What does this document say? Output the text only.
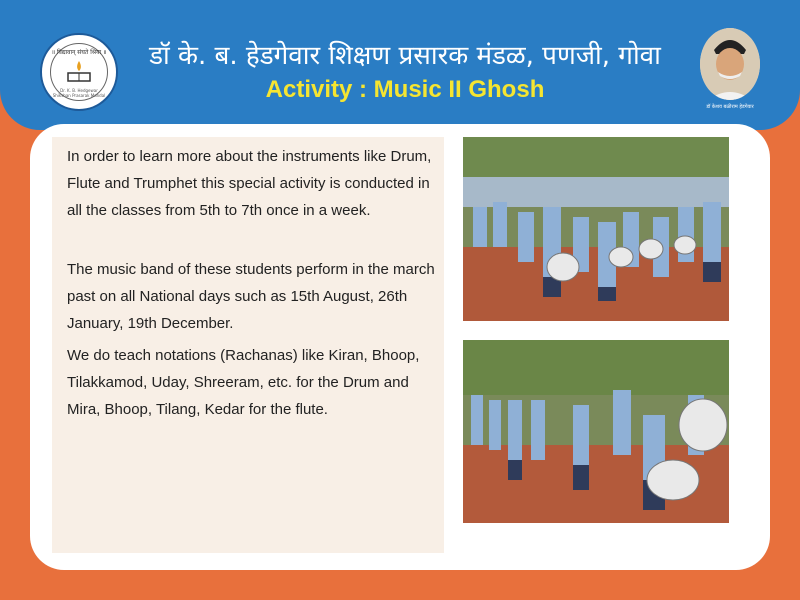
॥ विद्यावान् संघते श्रिया ॥
Dr. K. B. Hedgewar Shikshan Prasarak Mandal
डॉ के. ब. हेडगेवार शिक्षण प्रसारक मंडळ, पणजी, गोवा
Activity : Music II Ghosh
डॉ केशव बळीराम हेडगेवार

In order to learn more about the instruments like Drum, Flute and Trumphet this special activity is conducted in all the classes from 5th to 7th once in a week.

The music band of these students perform in the march past on all National days such as 15th August, 26th January, 19th December.

We do teach notations (Rachanas) like Kiran, Bhoop, Tilakkamod, Uday, Shreeram, etc. for the Drum and Mira, Bhoop, Tilang, Kedar for the flute.
